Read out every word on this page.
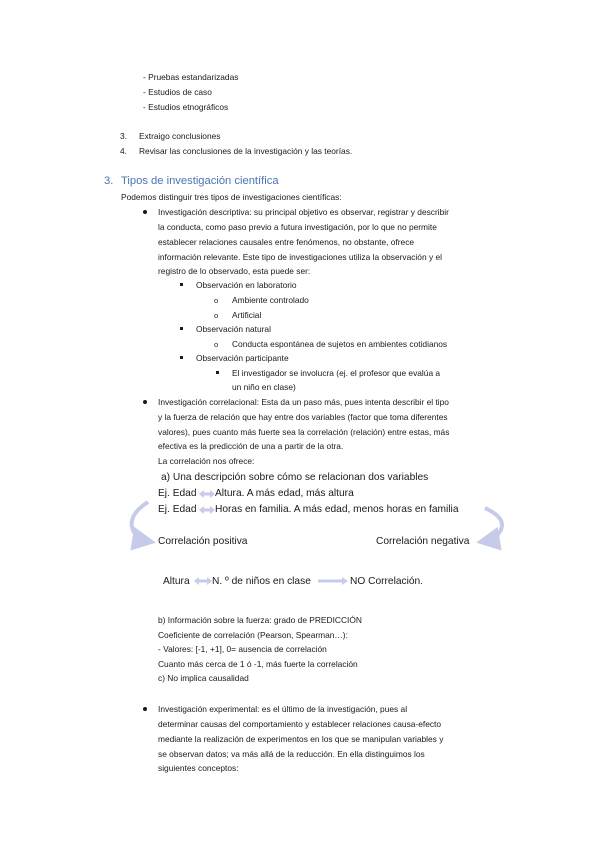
- Pruebas estandarizadas
- Estudios de caso
- Estudios etnográficos
3. Extraigo conclusiones
4. Revisar las conclusiones de la investigación y las teorías.
3. Tipos de investigación científica
Podemos distinguir tres tipos de investigaciones científicas:
Investigación descriptiva: su principal objetivo es observar, registrar y describir
la conducta, como paso previo a futura investigación, por lo que no permite
establecer relaciones causales entre fenómenos, no obstante, ofrece
información relevante. Este tipo de investigaciones utiliza la observación y el
registro de lo observado, esta puede ser:
Observación en laboratorio
o Ambiente controlado
o Artificial
Observación natural
o Conducta espontánea de sujetos en ambientes cotidianos
Observación participante
El investigador se involucra (ej. el profesor que evalúa a
un niño en clase)
Investigación correlacional: Esta da un paso más, pues intenta describir el tipo
y la fuerza de relación que hay entre dos variables (factor que toma diferentes
valores), pues cuanto más fuerte sea la correlación (relación) entre estas, más
efectiva es la predicción de una a partir de la otra.
La correlación nos ofrece:
a) Una descripción sobre cómo se relacionan dos variables
Ej. Edad Altura. A más edad, más altura
Ej. Edad Horas en familia. A más edad, menos horas en familia
Correlación positiva	Correlación negativa
Altura N. º de niños en clase	NO Correlación.
b) Información sobre la fuerza: grado de PREDICCIÓN
Coeficiente de correlación (Pearson, Spearman…):
- Valores: [-1, +1], 0= ausencia de correlación
Cuanto más cerca de 1 ó -1, más fuerte la correlación
c) No implica causalidad
Investigación experimental: es el último de la investigación, pues al
determinar causas del comportamiento y establecer relaciones causa-efecto
mediante la realización de experimentos en los que se manipulan variables y
se observan datos; va más allá de la reducción. En ella distinguimos los
siguientes conceptos:
